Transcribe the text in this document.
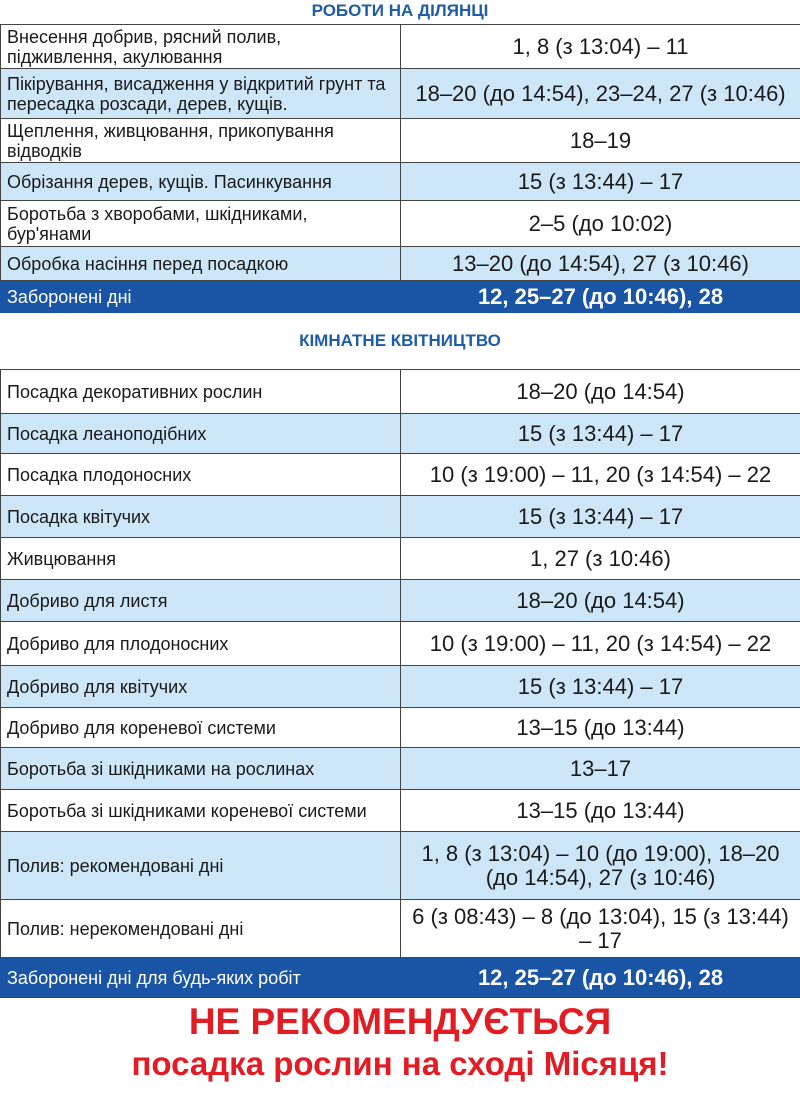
РОБОТИ НА ДІЛЯНЦІ
Внесення добрив, рясний полив, підживлення, акулювання	1, 8 (з 13:04) – 11
Пікірування, висадження у відкритий грунт та пересадка розсади, дерев, кущів.	18–20 (до 14:54), 23–24, 27 (з 10:46)
Щеплення, живцювання, прикопування відводків	18–19
Обрізання дерев, кущів. Пасинкування	15 (з 13:44) – 17
Боротьба з хворобами, шкідниками, бур'янами	2–5 (до 10:02)
Обробка насіння перед посадкою	13–20 (до 14:54), 27 (з 10:46)
Заборонені дні	12, 25–27 (до 10:46), 28
КІМНАТНЕ КВІТНИЦТВО
Посадка декоративних рослин	18–20 (до 14:54)
Посадка леаноподібних	15 (з 13:44) – 17
Посадка плодоносних	10 (з 19:00) – 11, 20 (з 14:54) – 22
Посадка квітучих	15 (з 13:44) – 17
Живцювання	1, 27 (з 10:46)
Добриво для листя	18–20 (до 14:54)
Добриво для плодоносних	10 (з 19:00) – 11, 20 (з 14:54) – 22
Добриво для квітучих	15 (з 13:44) – 17
Добриво для кореневої системи	13–15 (до 13:44)
Боротьба зі шкідниками на рослинах	13–17
Боротьба зі шкідниками кореневої системи	13–15 (до 13:44)
Полив: рекомендовані дні	1, 8 (з 13:04) – 10 (до 19:00), 18–20 (до 14:54), 27 (з 10:46)
Полив: нерекомендовані дні	6 (з 08:43) – 8 (до 13:04), 15 (з 13:44) – 17
Заборонені дні для будь-яких робіт	12, 25–27 (до 10:46), 28
НЕ РЕКОМЕНДУЄТЬСЯ
посадка рослин на сході Місяця!
